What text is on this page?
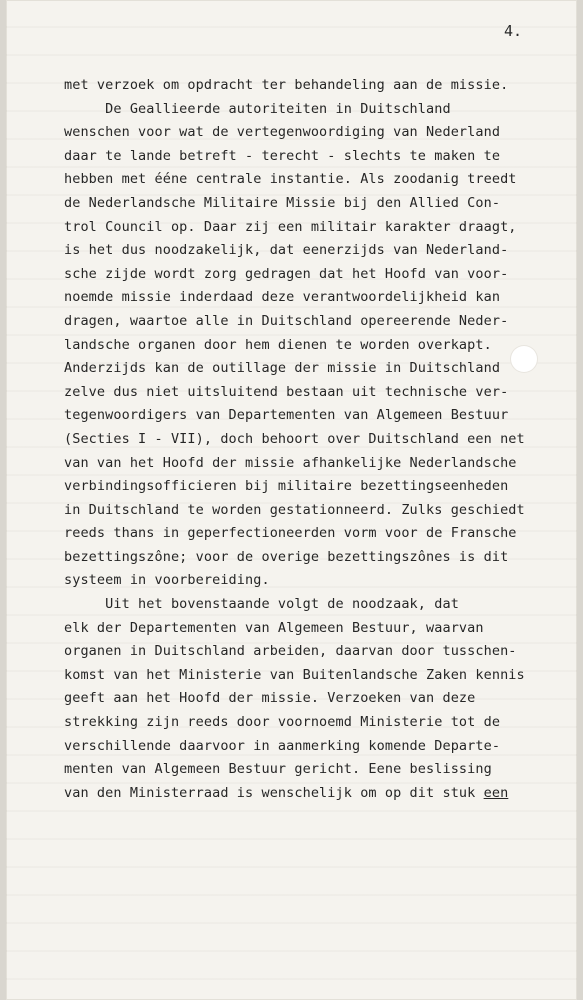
4.
met verzoek om opdracht ter behandeling aan de missie.
De Geallieerde autoriteiten in Duitschland
wenschen voor wat de vertegenwoordiging van Nederland
daar te lande betreft - terecht - slechts te maken te
hebben met ééne centrale instantie. Als zoodanig treedt
de Nederlandsche Militaire Missie bij den Allied Con-
trol Council op. Daar zij een militair karakter draagt,
is het dus noodzakelijk, dat eenerzijds van Nederland-
sche zijde wordt zorg gedragen dat het Hoofd van voor-
noemde missie inderdaad deze verantwoordelijkheid kan
dragen, waartoe alle in Duitschland opereerende Neder-
landsche organen door hem dienen te worden overkapt.
Anderzijds kan de outillage der missie in Duitschland
zelve dus niet uitsluitend bestaan uit technische ver-
tegenwoordigers van Departementen van Algemeen Bestuur
(Secties I - VII), doch behoort over Duitschland een net
van van het Hoofd der missie afhankelijke Nederlandsche
verbindingsofficieren bij militaire bezettingseenheden
in Duitschland te worden gestationneerd. Zulks geschiedt
reeds thans in geperfectioneerden vorm voor de Fransche
bezettingszône; voor de overige bezettingszônes is dit
systeem in voorbereiding.
Uit het bovenstaande volgt de noodzaak, dat
elk der Departementen van Algemeen Bestuur, waarvan
organen in Duitschland arbeiden, daarvan door tusschen-
komst van het Ministerie van Buitenlandsche Zaken kennis
geeft aan het Hoofd der missie. Verzoeken van deze
strekking zijn reeds door voornoemd Ministerie tot de
verschillende daarvoor in aanmerking komende Departe-
menten van Algemeen Bestuur gericht. Eene beslissing
van den Ministerraad is wenschelijk om op dit stuk een
